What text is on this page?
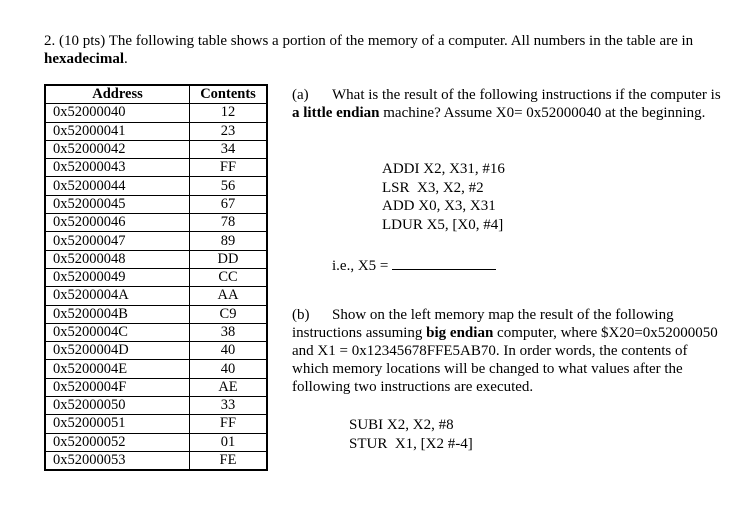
2. (10 pts) The following table shows a portion of the memory of a computer. All numbers in the table are in hexadecimal.

Address	Contents
0x52000040	12
0x52000041	23
0x52000042	34
0x52000043	FF
0x52000044	56
0x52000045	67
0x52000046	78
0x52000047	89
0x52000048	DD
0x52000049	CC
0x5200004A	AA
0x5200004B	C9
0x5200004C	38
0x5200004D	40
0x5200004E	40
0x5200004F	AE
0x52000050	33
0x52000051	FF
0x52000052	01
0x52000053	FE

(a) What is the result of the following instructions if the computer is a little endian machine? Assume X0= 0x52000040 at the beginning.

ADDI X2, X31, #16
LSR  X3, X2, #2
ADD X0, X3, X31
LDUR X5, [X0, #4]
i.e., X5 =

(b) Show on the left memory map the result of the following instructions assuming big endian computer, where $X20=0x52000050 and X1 = 0x12345678FFE5AB70. In order words, the contents of which memory locations will be changed to what values after the following two instructions are executed.

SUBI X2, X2, #8
STUR  X1, [X2 #-4]
